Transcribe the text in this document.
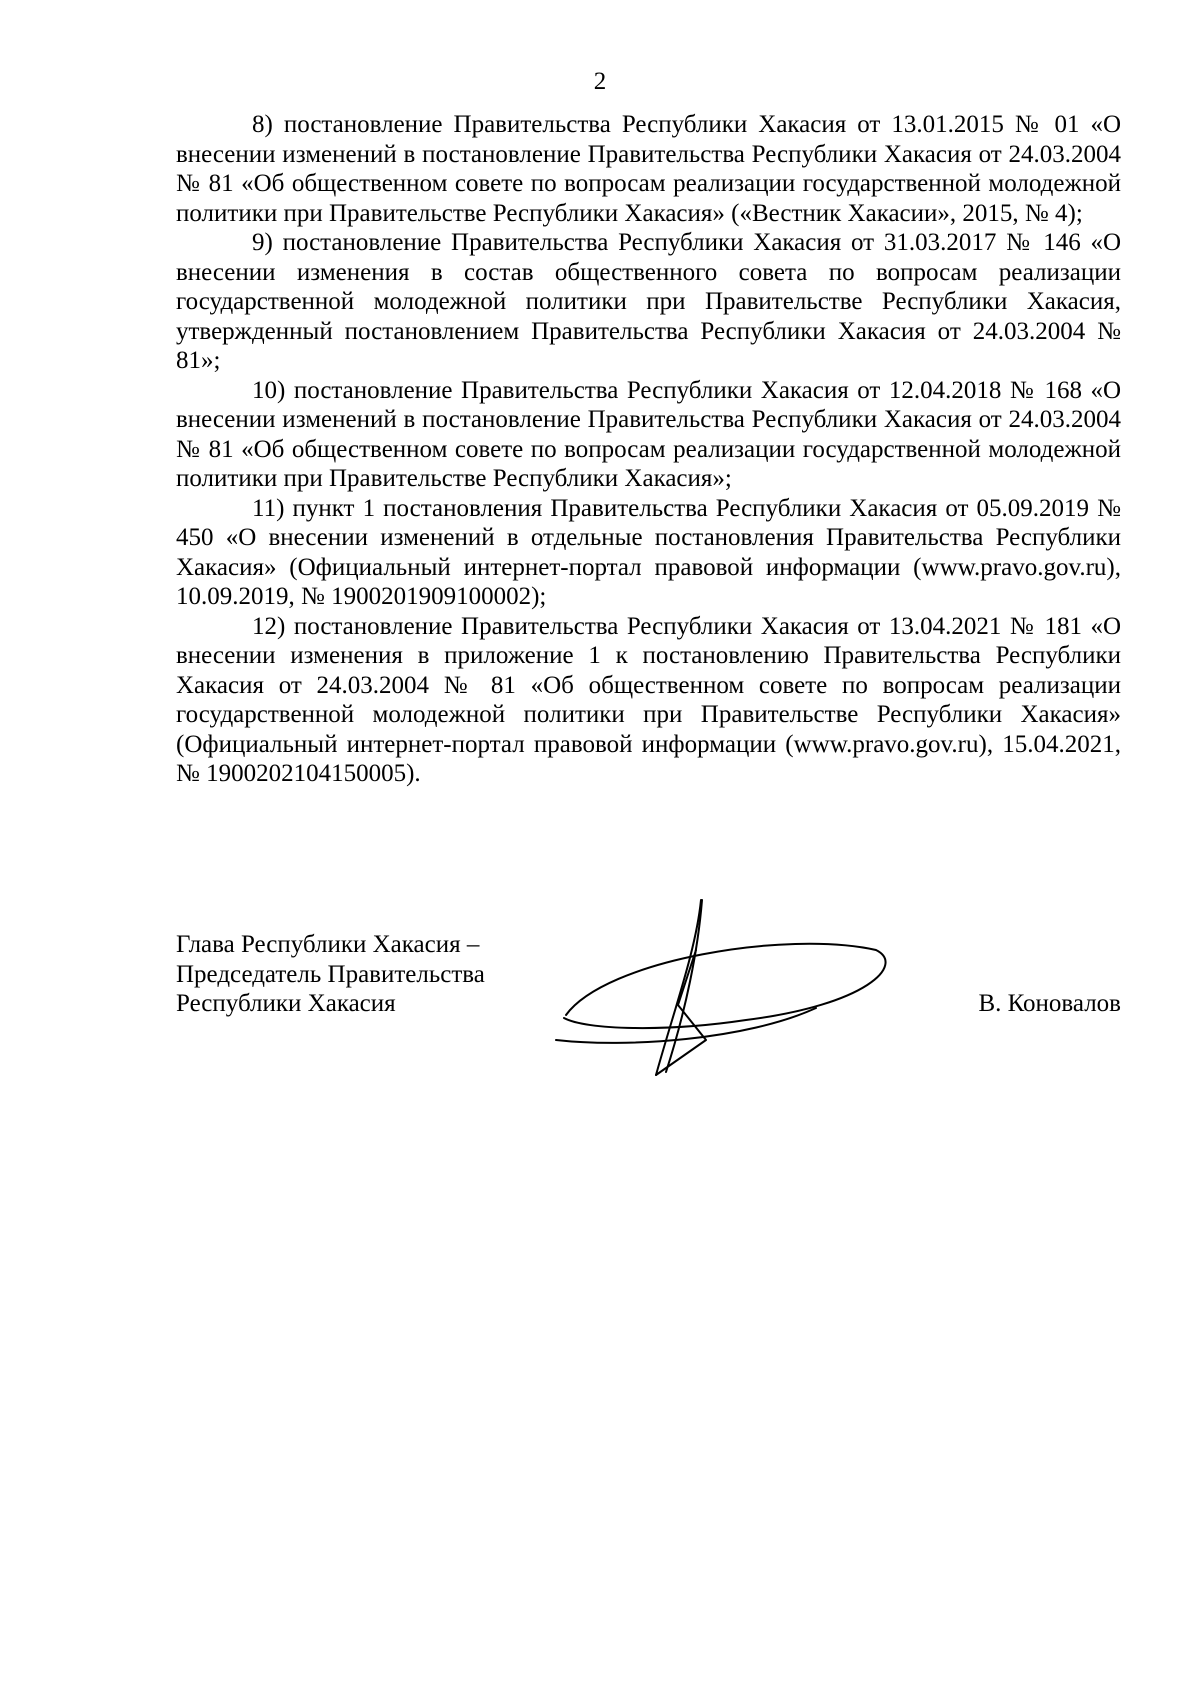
2

8) постановление Правительства Республики Хакасия от 13.01.2015 № 01 «О внесении изменений в постановление Правительства Республики Хакасия от 24.03.2004 № 81 «Об общественном совете по вопросам реализации государственной молодежной политики при Правительстве Республики Хакасия» («Вестник Хакасии», 2015, № 4);

9) постановление Правительства Республики Хакасия от 31.03.2017 № 146 «О внесении изменения в состав общественного совета по вопросам реализации государственной молодежной политики при Правительстве Республики Хакасия, утвержденный постановлением Правительства Республики Хакасия от 24.03.2004 № 81»;

10) постановление Правительства Республики Хакасия от 12.04.2018 № 168 «О внесении изменений в постановление Правительства Республики Хакасия от 24.03.2004 № 81 «Об общественном совете по вопросам реализации государственной молодежной политики при Правительстве Республики Хакасия»;

11) пункт 1 постановления Правительства Республики Хакасия от 05.09.2019 № 450 «О внесении изменений в отдельные постановления Правительства Республики Хакасия» (Официальный интернет-портал правовой информации (www.pravo.gov.ru), 10.09.2019, № 1900201909100002);

12) постановление Правительства Республики Хакасия от 13.04.2021 № 181 «О внесении изменения в приложение 1 к постановлению Правительства Республики Хакасия от 24.03.2004 № 81 «Об общественном совете по вопросам реализации государственной молодежной политики при Правительстве Республики Хакасия» (Официальный интернет-портал правовой информации (www.pravo.gov.ru), 15.04.2021, № 1900202104150005).

Глава Республики Хакасия –
Председатель Правительства
Республики Хакасия	В. Коновалов
